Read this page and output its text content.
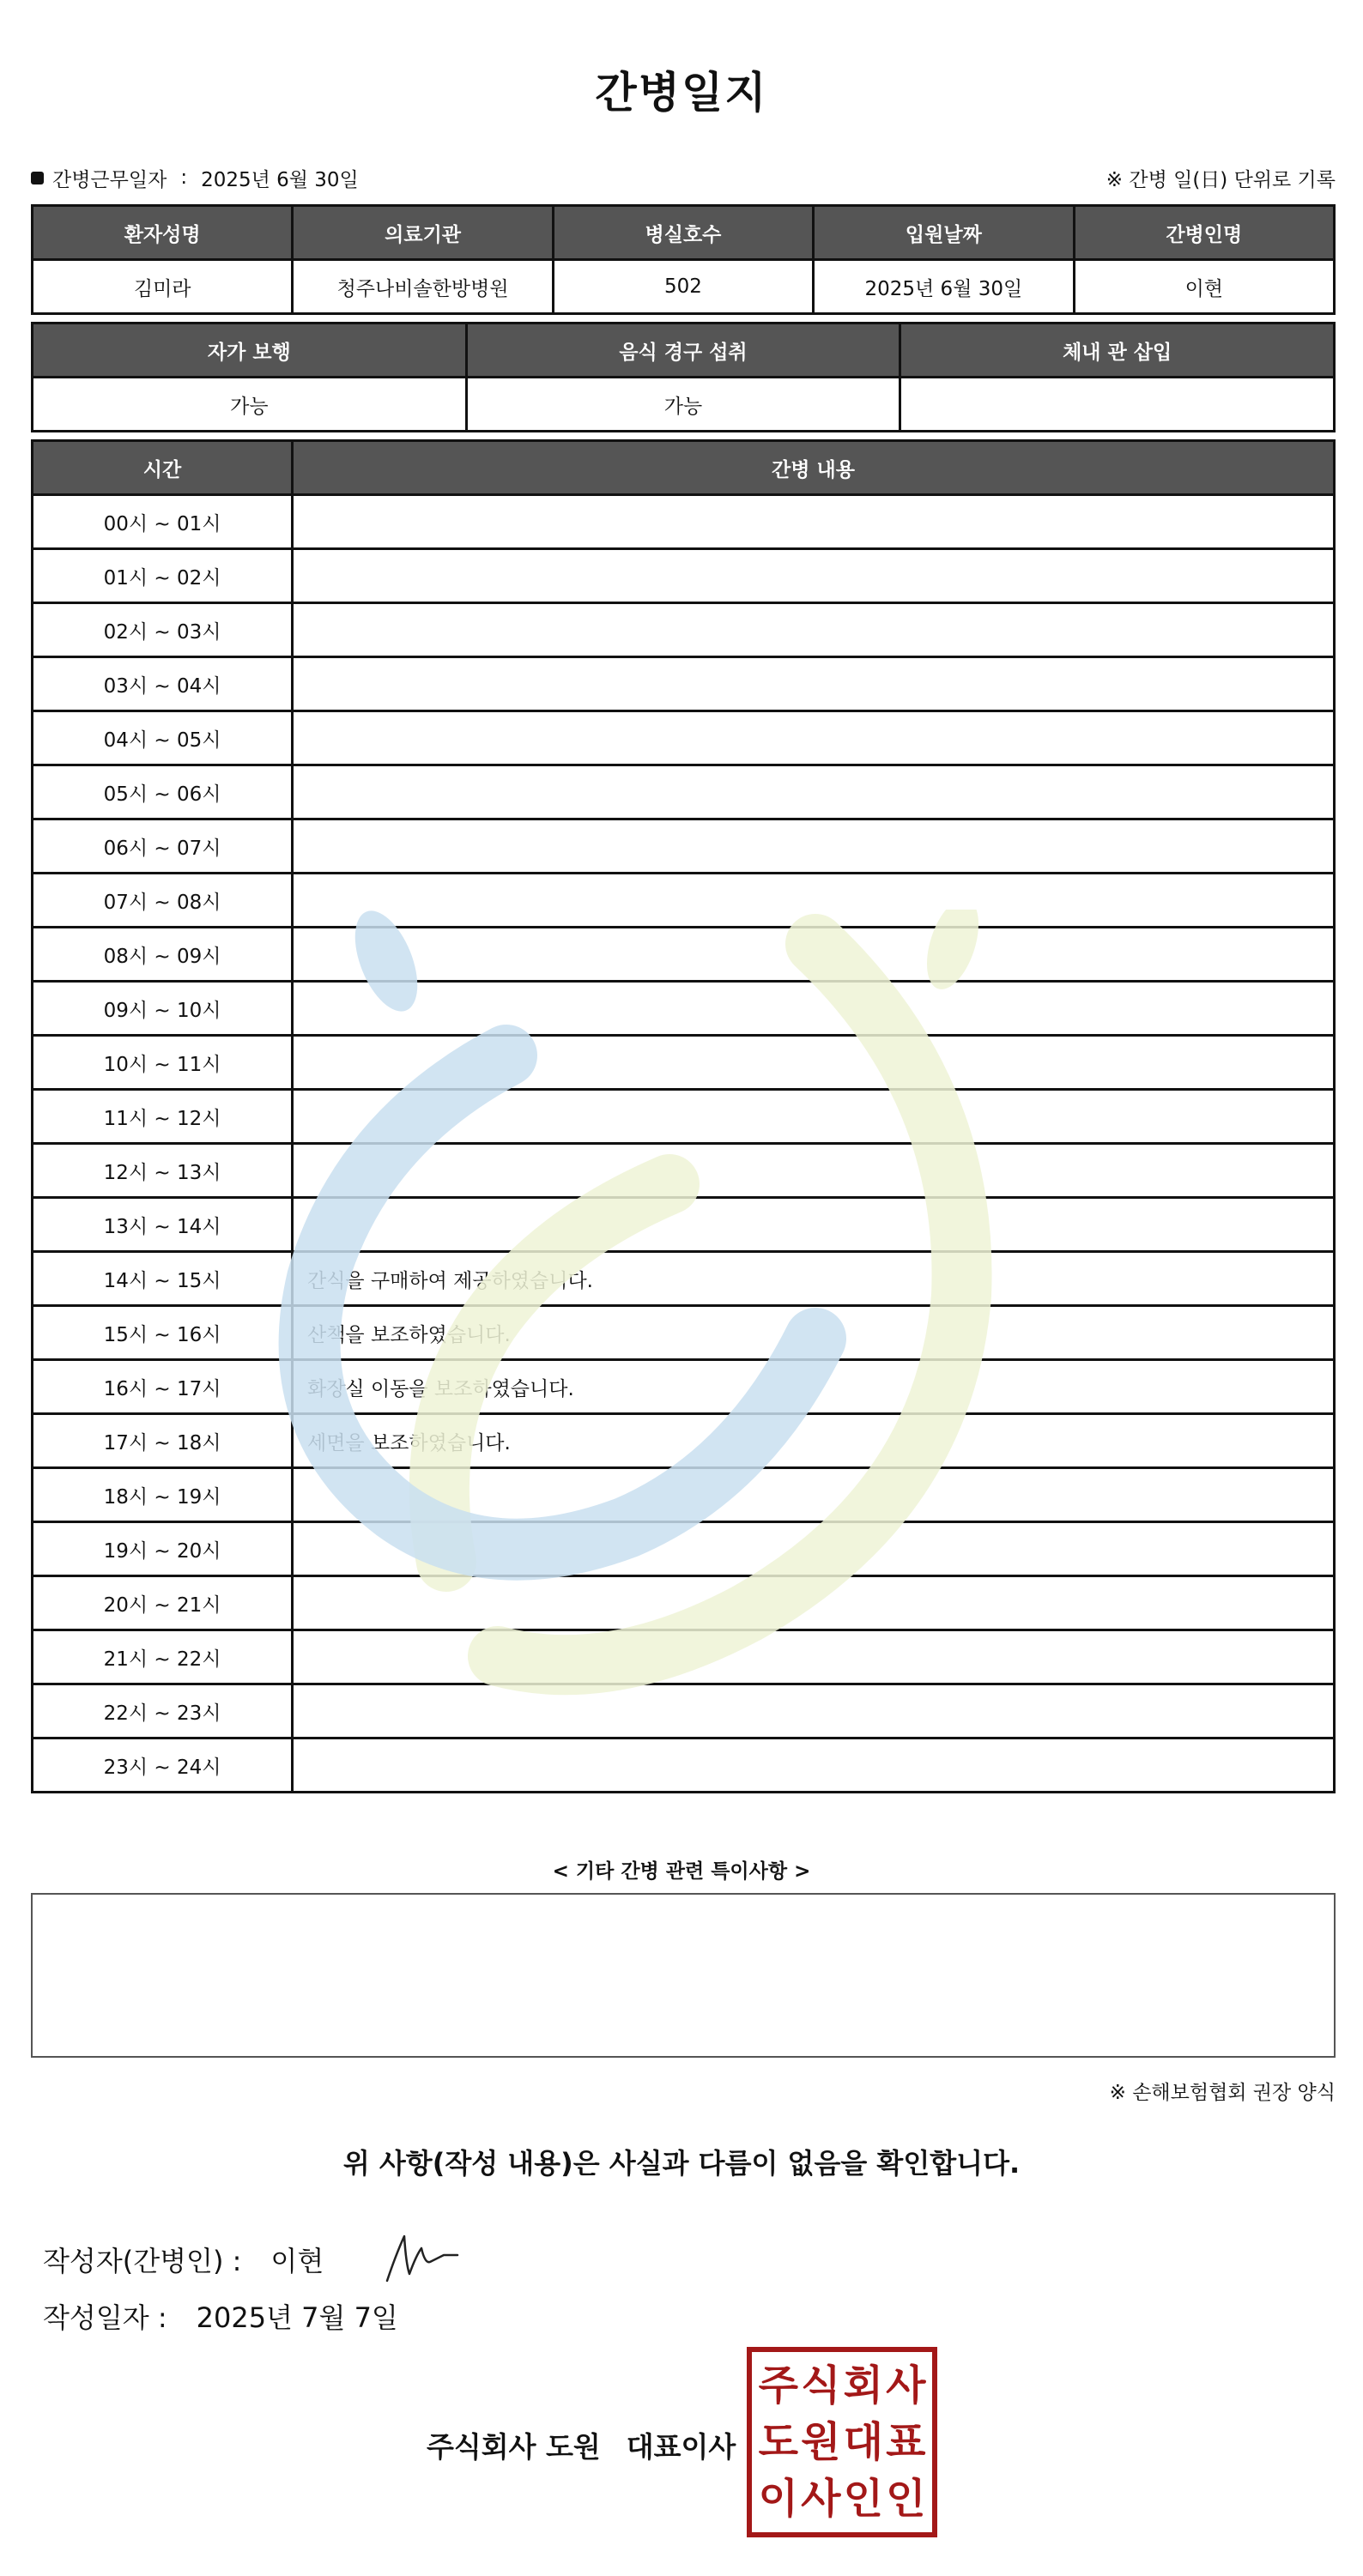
간병일지
간병근무일자 : 2025년 6월 30일	※ 간병 일(日) 단위로 기록
환자성명	의료기관	병실호수	입원날짜	간병인명
김미라	청주나비솔한방병원	502	2025년 6월 30일	이현
자가 보행	음식 경구 섭취	체내 관 삽입
가능	가능	
시간	간병 내용
00시 ~ 01시	
01시 ~ 02시	
02시 ~ 03시	
03시 ~ 04시	
04시 ~ 05시	
05시 ~ 06시	
06시 ~ 07시	
07시 ~ 08시	
08시 ~ 09시	
09시 ~ 10시	
10시 ~ 11시	
11시 ~ 12시	
12시 ~ 13시	
13시 ~ 14시	
14시 ~ 15시	간식을 구매하여 제공하였습니다.
15시 ~ 16시	산책을 보조하였습니다.
16시 ~ 17시	화장실 이동을 보조하였습니다.
17시 ~ 18시	세면을 보조하였습니다.
18시 ~ 19시	
19시 ~ 20시	
20시 ~ 21시	
21시 ~ 22시	
22시 ~ 23시	
23시 ~ 24시	
< 기타 간병 관련 특이사항 >
※ 손해보험협회 권장 양식
위 사항(작성 내용)은 사실과 다름이 없음을 확인합니다.
작성자(간병인) : 이현
작성일자 : 2025년 7월 7일
주식회사 도원 대표이사
주 식 회 사
도 원 대 표
이 사 인 인
